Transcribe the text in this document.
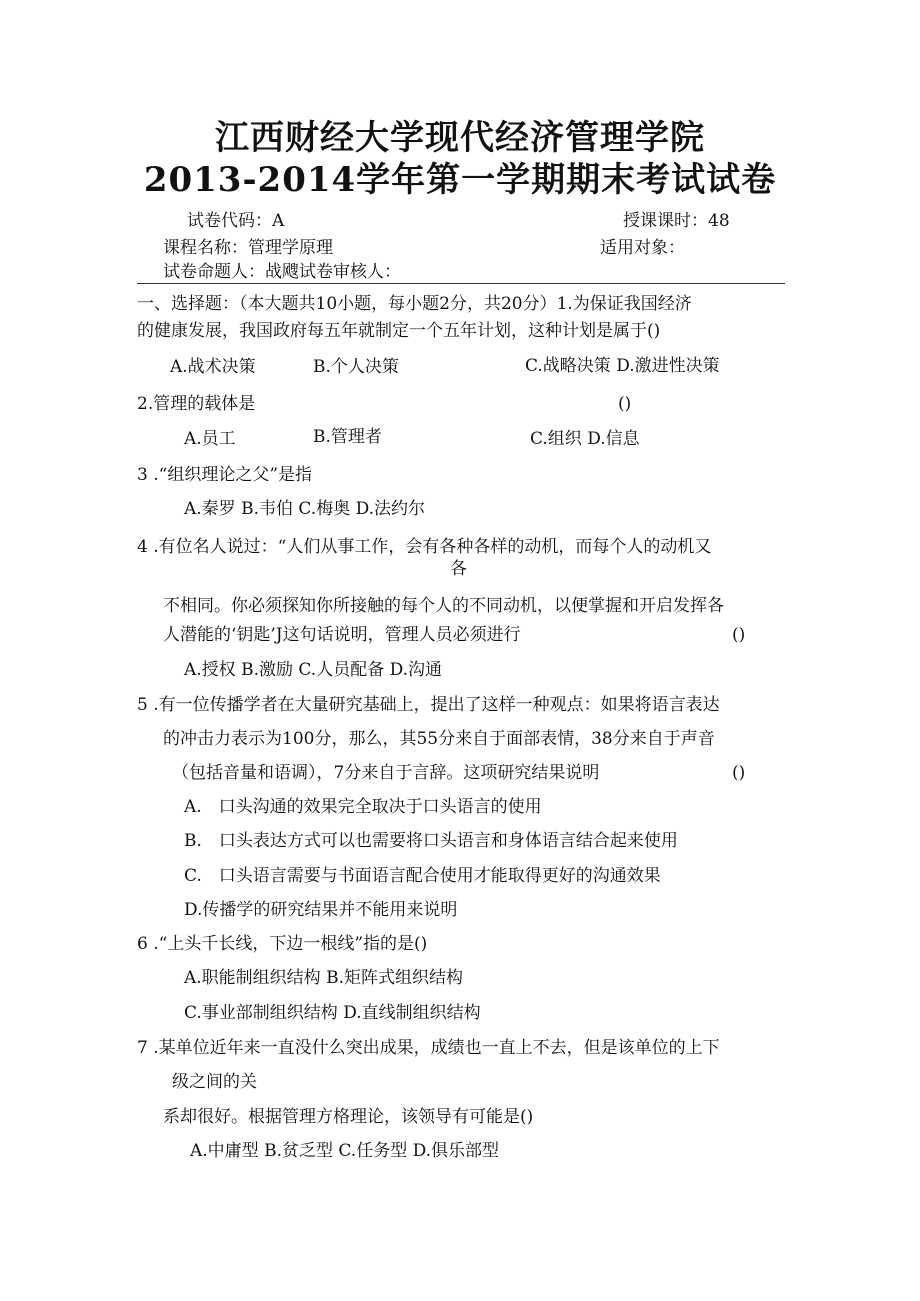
江西财经大学现代经济管理学院
2013-2014学年第一学期期末考试试卷
试卷代码：A	授课课时：48
课程名称：管理学原理	适用对象：
试卷命题人：战飕试卷审核人：
一、选择题：（本大题共10小题，每小题2分，共20分）1.为保证我国经济
的健康发展，我国政府每五年就制定一个五年计划，这种计划是属于()
A.战术决策	B.个人决策	C.战略决策 D.激进性决策
2.管理的载体是	()
A.员工	B.管理者	C.组织 D.信息
3 .“组织理论之父”是指
A.秦罗 B.韦伯 C.梅奥 D.法约尔
4 .有位名人说过：“人们从事工作，会有各种各样的动机，而每个人的动机又
各
不相同。你必须探知你所接触的每个人的不同动机，以便掌握和开启发挥各
人潜能的‘钥匙’J这句话说明，管理人员必须进行	()
A.授权 B.激励 C.人员配备 D.沟通
5 .有一位传播学者在大量研究基础上，提出了这样一种观点：如果将语言表达
的冲击力表示为100分，那么，其55分来自于面部表情，38分来自于声音
（包括音量和语调），7分来自于言辞。这项研究结果说明	()
A.　口头沟通的效果完全取决于口头语言的使用
B.　口头表达方式可以也需要将口头语言和身体语言结合起来使用
C.　口头语言需要与书面语言配合使用才能取得更好的沟通效果
D.传播学的研究结果并不能用来说明
6 .“上头千长线，下边一根线”指的是()
A.职能制组织结构 B.矩阵式组织结构
C.事业部制组织结构 D.直线制组织结构
7 .某单位近年来一直没什么突出成果，成绩也一直上不去，但是该单位的上下
级之间的关
系却很好。根据管理方格理论，该领导有可能是()
A.中庸型 B.贫乏型 C.任务型 D.俱乐部型
